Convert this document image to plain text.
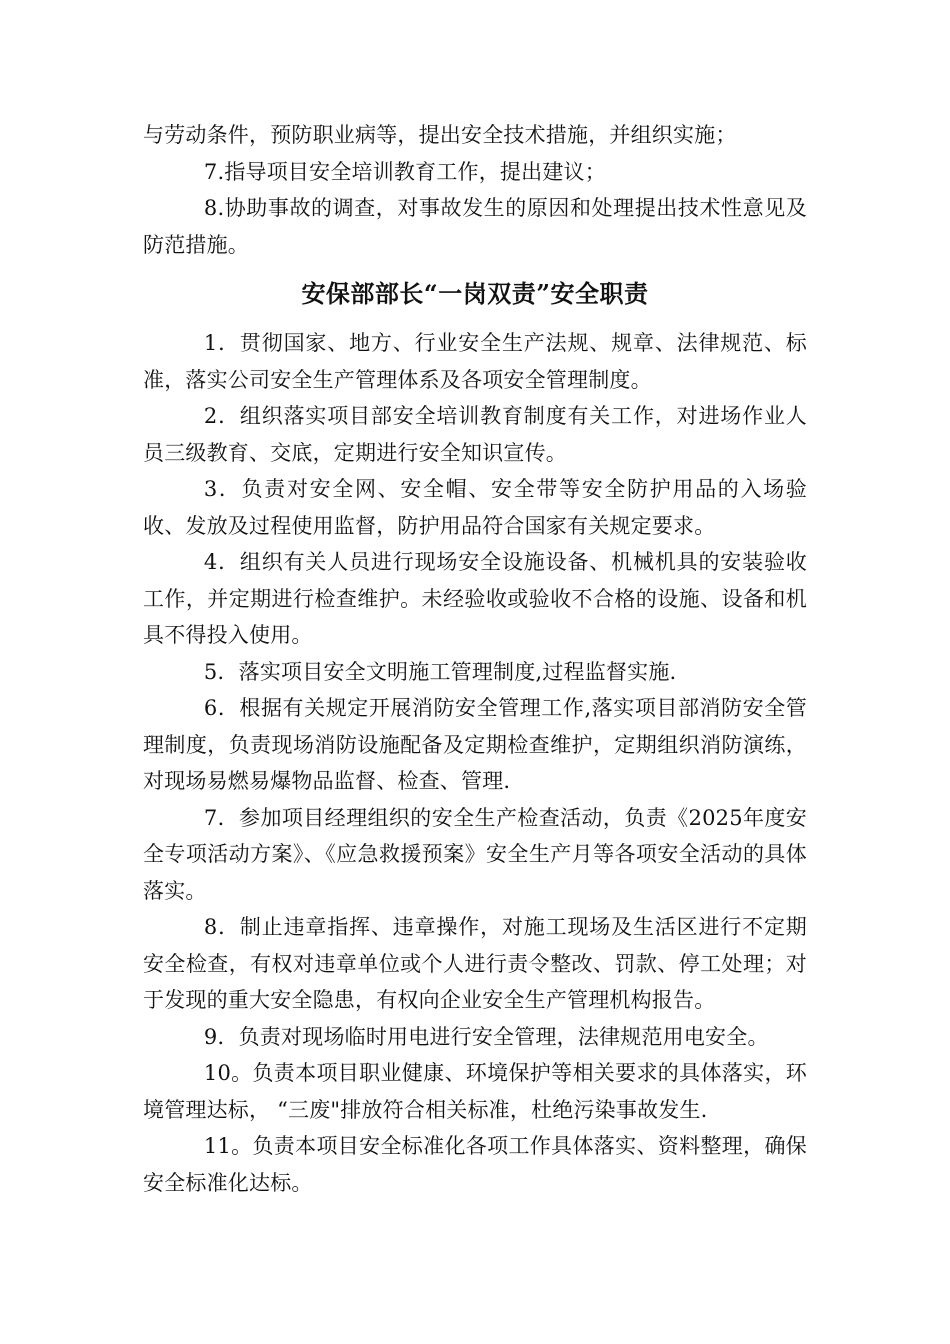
与劳动条件，预防职业病等，提出安全技术措施，并组织实施；

7.指导项目安全培训教育工作，提出建议；

8.协助事故的调查，对事故发生的原因和处理提出技术性意见及防范措施。

安保部部长“一岗双责”安全职责

1．贯彻国家、地方、行业安全生产法规、规章、法律规范、标准，落实公司安全生产管理体系及各项安全管理制度。

2．组织落实项目部安全培训教育制度有关工作，对进场作业人员三级教育、交底，定期进行安全知识宣传。

3．负责对安全网、安全帽、安全带等安全防护用品的入场验收、发放及过程使用监督，防护用品符合国家有关规定要求。

4．组织有关人员进行现场安全设施设备、机械机具的安装验收工作，并定期进行检查维护。未经验收或验收不合格的设施、设备和机具不得投入使用。

5．落实项目安全文明施工管理制度,过程监督实施.

6．根据有关规定开展消防安全管理工作,落实项目部消防安全管理制度，负责现场消防设施配备及定期检查维护，定期组织消防演练，对现场易燃易爆物品监督、检查、管理.

7．参加项目经理组织的安全生产检查活动，负责《2025年度安全专项活动方案》、《应急救援预案》安全生产月等各项安全活动的具体落实。

8．制止违章指挥、违章操作，对施工现场及生活区进行不定期安全检查，有权对违章单位或个人进行责令整改、罚款、停工处理；对于发现的重大安全隐患，有权向企业安全生产管理机构报告。

9．负责对现场临时用电进行安全管理，法律规范用电安全。

10。负责本项目职业健康、环境保护等相关要求的具体落实，环境管理达标， “三废"排放符合相关标准，杜绝污染事故发生.

11。负责本项目安全标准化各项工作具体落实、资料整理，确保安全标准化达标。
